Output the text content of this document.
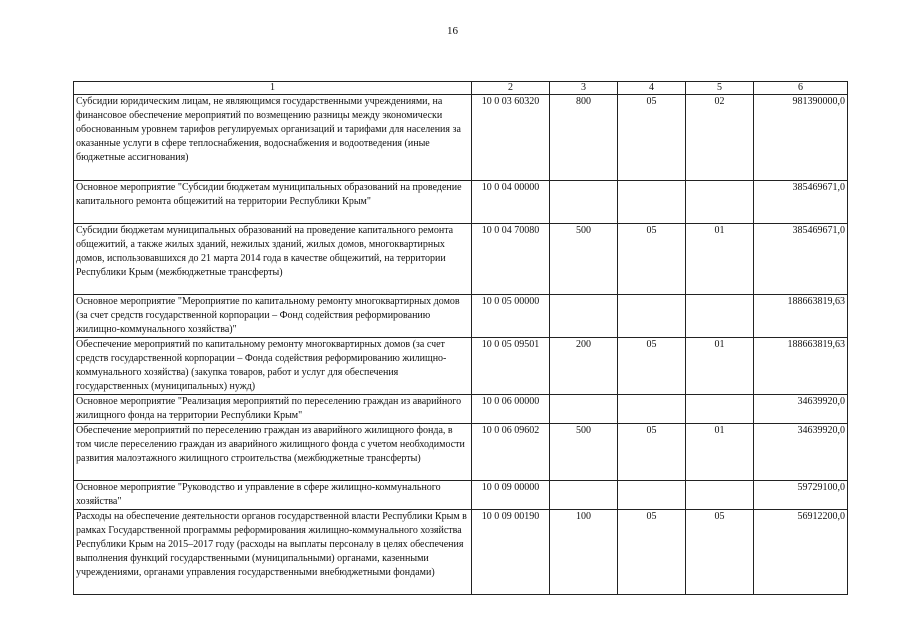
16
1	2	3	4	5	6
Субсидии юридическим лицам, не являющимся государственными учреждениями, на финансовое обеспечение мероприятий по возмещению разницы между экономически обоснованным уровнем тарифов регулируемых организаций и тарифами для населения за оказанные услуги в сфере теплоснабжения, водоснабжения и водоотведения (иные бюджетные ассигнования)	10 0 03 60320	800	05	02	981390000,0
Основное мероприятие "Субсидии бюджетам муниципальных образований на проведение капитального ремонта общежитий на территории Республики Крым"	10 0 04 00000				385469671,0
Субсидии бюджетам муниципальных образований на проведение капитального ремонта общежитий, а также жилых зданий, нежилых зданий, жилых домов, многоквартирных домов, использовавшихся до 21 марта 2014 года в качестве общежитий, на территории Республики Крым (межбюджетные трансферты)	10 0 04 70080	500	05	01	385469671,0
Основное мероприятие "Мероприятие по капитальному ремонту многоквартирных домов (за счет средств государственной корпорации – Фонд содействия реформированию жилищно-коммунального хозяйства)"	10 0 05 00000				188663819,63
Обеспечение мероприятий по капитальному ремонту многоквартирных домов (за счет средств государственной корпорации – Фонда содействия реформированию жилищно-коммунального хозяйства) (закупка товаров, работ и услуг для обеспечения государственных (муниципальных) нужд)	10 0 05 09501	200	05	01	188663819,63
Основное мероприятие "Реализация мероприятий по переселению граждан из аварийного жилищного фонда на территории Республики Крым"	10 0 06 00000				34639920,0
Обеспечение мероприятий по переселению граждан из аварийного жилищного фонда, в том числе переселению граждан из аварийного жилищного фонда с учетом необходимости развития малоэтажного жилищного строительства (межбюджетные трансферты)	10 0 06 09602	500	05	01	34639920,0
Основное мероприятие "Руководство и управление в сфере жилищно-коммунального хозяйства"	10 0 09 00000				59729100,0
Расходы на обеспечение деятельности органов государственной власти Республики Крым в рамках Государственной программы реформирования жилищно-коммунального хозяйства Республики Крым на 2015–2017 году (расходы на выплаты персоналу в целях обеспечения выполнения функций государственными (муниципальными) органами, казенными учреждениями, органами управления государственными внебюджетными фондами)	10 0 09 00190	100	05	05	56912200,0
